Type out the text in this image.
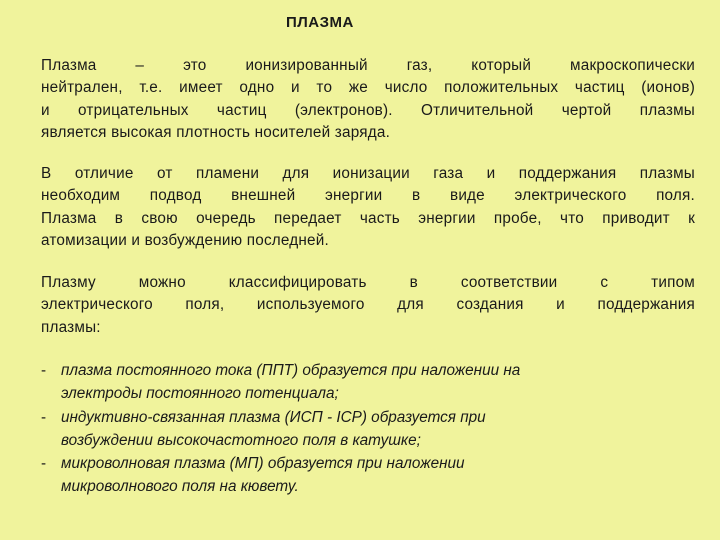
ПЛАЗМА
Плазма – это ионизированный газ, который макроскопически
нейтрален, т.е. имеет одно и то же число положительных частиц (ионов)
и отрицательных частиц (электронов). Отличительной чертой плазмы
является высокая плотность носителей заряда.
В отличие от пламени для ионизации газа и поддержания плазмы
необходим подвод внешней энергии в виде электрического поля.
Плазма в свою очередь передает часть энергии пробе, что приводит к
атомизации и возбуждению последней.
Плазму можно классифицировать в соответствии с типом
электрического поля, используемого для создания и поддержания
плазмы:
- плазма постоянного тока (ППТ) образуется при наложении на
электроды постоянного потенциала;
- индуктивно-связанная плазма (ИСП - ICP) образуется при
возбуждении высокочастотного поля в катушке;
- микроволновая плазма (МП) образуется при наложении
микроволнового поля на кювету.
